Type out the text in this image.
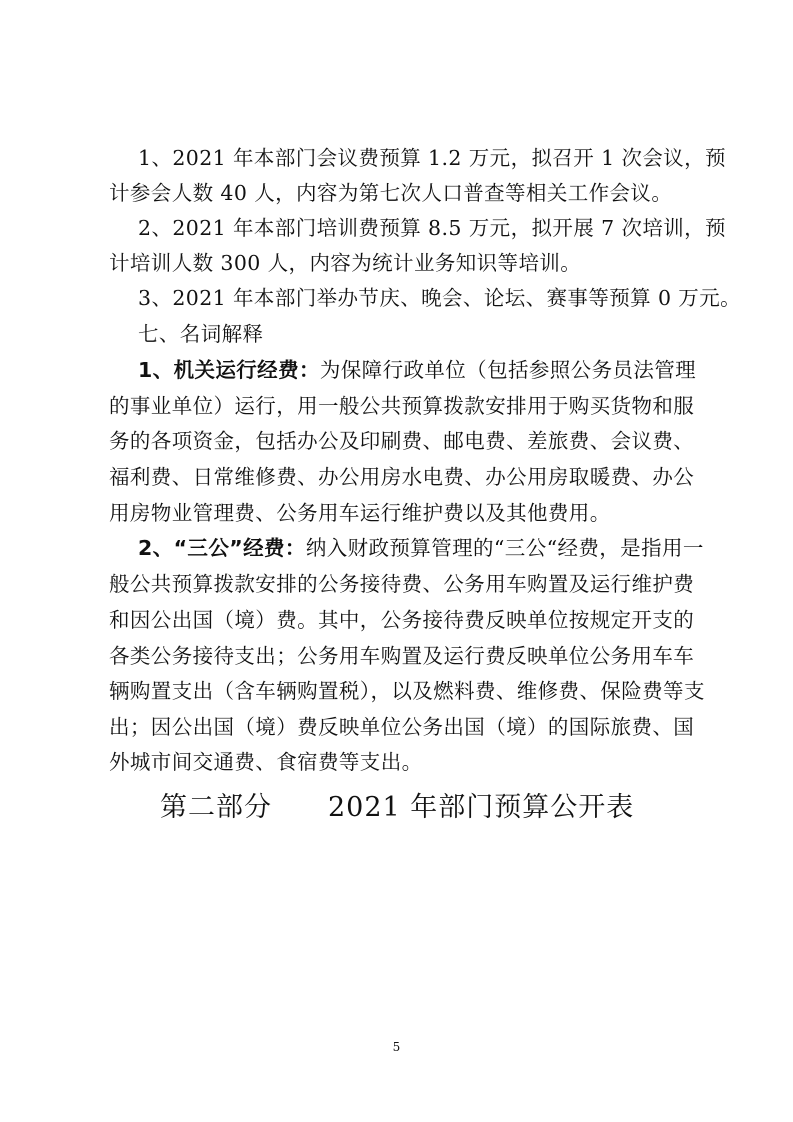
1、2021 年本部门会议费预算 1.2 万元，拟召开 1 次会议，预
计参会人数 40 人，内容为第七次人口普查等相关工作会议。
2、2021 年本部门培训费预算 8.5 万元，拟开展 7 次培训，预
计培训人数 300 人，内容为统计业务知识等培训。
3、2021 年本部门举办节庆、晚会、论坛、赛事等预算 0 万元。
七、名词解释
1、机关运行经费：为保障行政单位（包括参照公务员法管理
的事业单位）运行，用一般公共预算拨款安排用于购买货物和服
务的各项资金，包括办公及印刷费、邮电费、差旅费、会议费、
福利费、日常维修费、办公用房水电费、办公用房取暖费、办公
用房物业管理费、公务用车运行维护费以及其他费用。
2、“三公”经费：纳入财政预算管理的“三公“经费，是指用一
般公共预算拨款安排的公务接待费、公务用车购置及运行维护费
和因公出国（境）费。其中，公务接待费反映单位按规定开支的
各类公务接待支出；公务用车购置及运行费反映单位公务用车车
辆购置支出（含车辆购置税），以及燃料费、维修费、保险费等支
出；因公出国（境）费反映单位公务出国（境）的国际旅费、国
外城市间交通费、食宿费等支出。
第二部分 2021 年部门预算公开表
5
